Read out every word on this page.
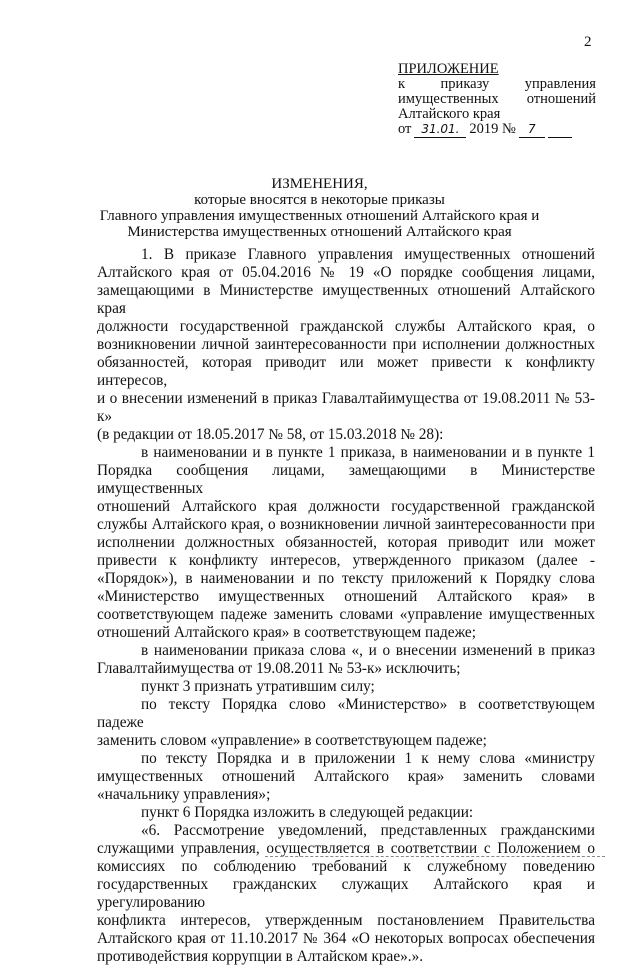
2
ПРИЛОЖЕНИЕ
к приказу управления
имущественных отношений
Алтайского края
от 31.01. 2019 №	7
ИЗМЕНЕНИЯ,
которые вносятся в некоторые приказы
Главного управления имущественных отношений Алтайского края и
Министерства имущественных отношений Алтайского края
1. В приказе Главного управления имущественных отношений
Алтайского края от 05.04.2016 № 19 «О порядке сообщения лицами,
замещающими в Министерстве имущественных отношений Алтайского края
должности государственной гражданской службы Алтайского края, о
возникновении личной заинтересованности при исполнении должностных
обязанностей, которая приводит или может привести к конфликту интересов,
и о внесении изменений в приказ Главалтайимущества от 19.08.2011 № 53-к»
(в редакции от 18.05.2017 № 58, от 15.03.2018 № 28):
в наименовании и в пункте 1 приказа, в наименовании и в пункте 1
Порядка сообщения лицами, замещающими в Министерстве имущественных
отношений Алтайского края должности государственной гражданской
службы Алтайского края, о возникновении личной заинтересованности при
исполнении должностных обязанностей, которая приводит или может
привести к конфликту интересов, утвержденного приказом (далее -
«Порядок»), в наименовании и по тексту приложений к Порядку слова
«Министерство имущественных отношений Алтайского края» в
соответствующем падеже заменить словами «управление имущественных
отношений Алтайского края» в соответствующем падеже;
в наименовании приказа слова «, и о внесении изменений в приказ
Главалтайимущества от 19.08.2011 № 53-к» исключить;
пункт 3 признать утратившим силу;
по тексту Порядка слово «Министерство» в соответствующем падеже
заменить словом «управление» в соответствующем падеже;
по тексту Порядка и в приложении 1 к нему слова «министру
имущественных отношений Алтайского края» заменить словами
«начальнику управления»;
пункт 6 Порядка изложить в следующей редакции:
«6. Рассмотрение уведомлений, представленных гражданскими
служащими управления, осуществляется в соответствии с Положением о
комиссиях по соблюдению требований к служебному поведению
государственных гражданских служащих Алтайского края и урегулированию
конфликта интересов, утвержденным постановлением Правительства
Алтайского края от 11.10.2017 № 364 «О некоторых вопросах обеспечения
противодействия коррупции в Алтайском крае».».
